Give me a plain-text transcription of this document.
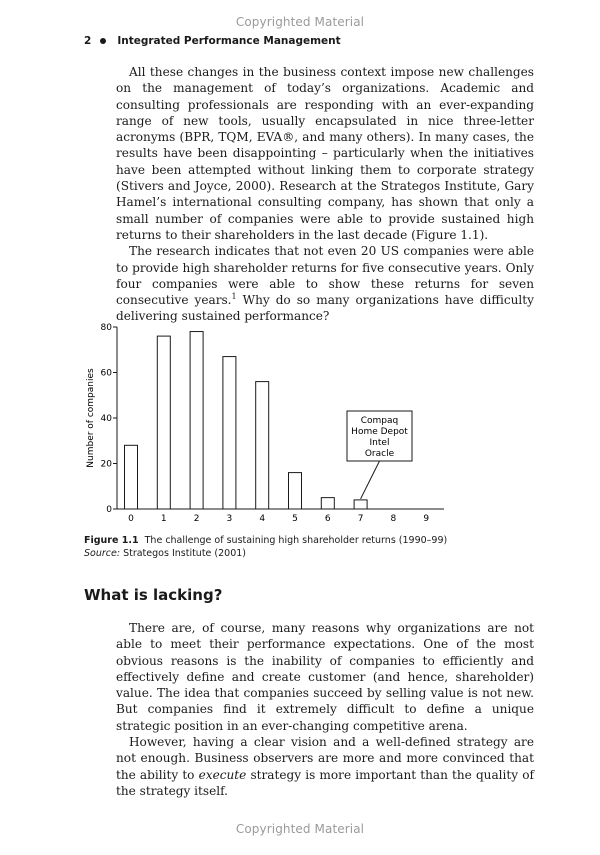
Copyrighted Material
2 Integrated Performance Management

All these changes in the business context impose new challenges on the management of today’s organizations. Academic and consulting professionals are responding with an ever-expanding range of new tools, usually encapsulated in nice three-letter acronyms (BPR, TQM, EVA®, and many others). In many cases, the results have been disappointing – particularly when the initiatives have been attempted without linking them to corporate strategy (Stivers and Joyce, 2000). Research at the Strategos Institute, Gary Hamel’s international consulting company, has shown that only a small number of companies were able to provide sustained high returns to their shareholders in the last decade (Figure 1.1).

The research indicates that not even 20 US companies were able to provide high shareholder returns for five consecutive years. Only four companies were able to show these returns for seven consecutive years.$^1$ Why do so many organizations have difficulty delivering sustained performance?

0
20
40
60
80
0	1	2	3	4	5	6	7	8	9
Compaq
Home Depot
Intel
Oracle
Number of companies
Figure 1.1 The challenge of sustaining high shareholder returns (1990–99)
Source: Strategos Institute (2001)
What is lacking?

There are, of course, many reasons why organizations are not able to meet their performance expectations. One of the most obvious reasons is the inability of companies to efficiently and effectively define and create customer (and hence, shareholder) value. The idea that companies succeed by selling value is not new. But companies find it extremely difficult to define a unique strategic position in an ever-changing competitive arena.

However, having a clear vision and a well-defined strategy are not enough. Business observers are more and more convinced that the ability to execute strategy is more important than the quality of the strategy itself.

Copyrighted Material
